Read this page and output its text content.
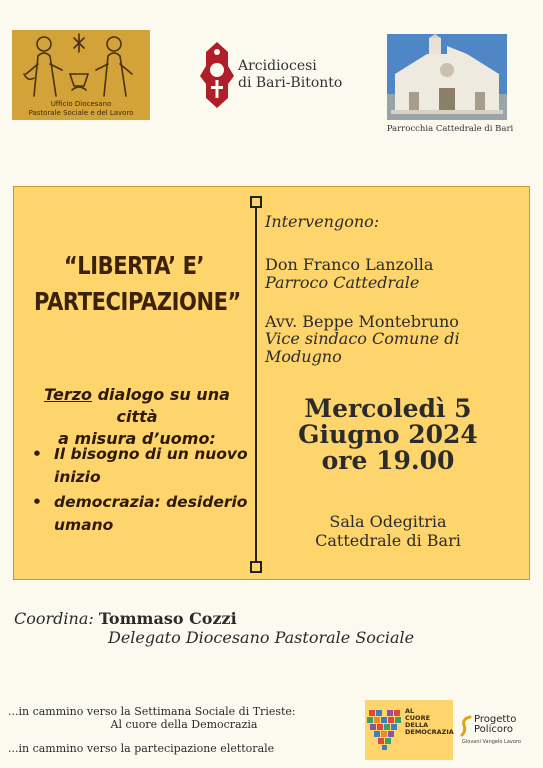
Ufficio Diocesano
Pastorale Sociale e del Lavoro
Arcidiocesi
di Bari-Bitonto
Parrocchia Cattedrale di Bari
“LIBERTA’ E’
PARTECIPAZIONE”
Terzo dialogo su una città
a misura d’uomo:
• Il bisogno di un nuovo inizio
• democrazia: desiderio umano
Intervengono:
Don Franco Lanzolla
Parroco Cattedrale
Avv. Beppe Montebruno
Vice sindaco Comune di Modugno
Mercoledì 5
Giugno 2024
ore 19.00
Sala Odegitria
Cattedrale di Bari
Coordina: Tommaso Cozzi
Delegato Diocesano Pastorale Sociale
...in cammino verso la Settimana Sociale di Trieste:
Al cuore della Democrazia
...in cammino verso la partecipazione elettorale
AL
CUORE
DELLA
DEMOCRAZIA
Progetto
Policoro
Giovani Vangelo Lavoro
